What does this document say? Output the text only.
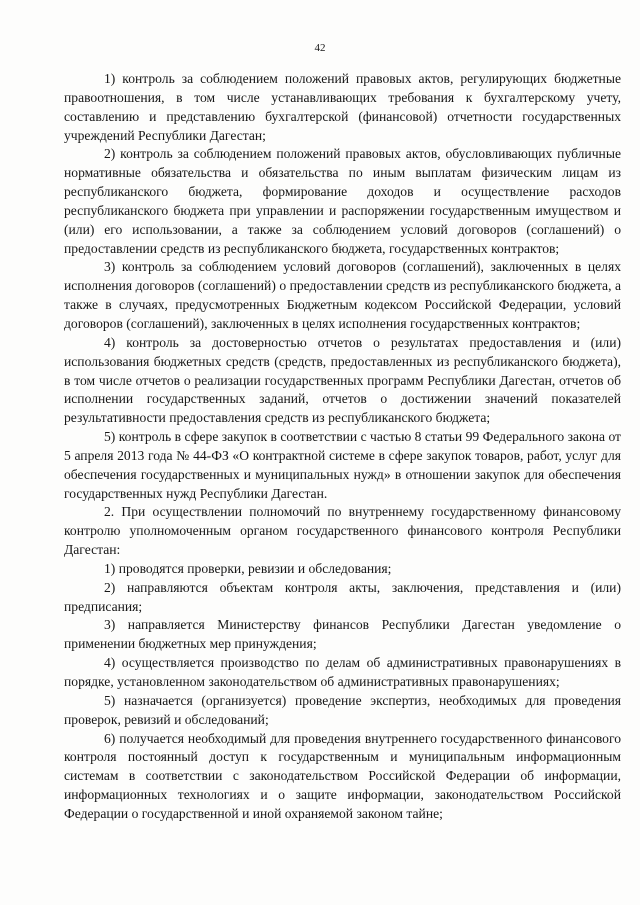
42

1) контроль за соблюдением положений правовых актов, регулирующих бюджетные правоотношения, в том числе устанавливающих требования к бухгалтерскому учету, составлению и представлению бухгалтерской (финансовой) отчетности государственных учреждений Республики Дагестан;

2) контроль за соблюдением положений правовых актов, обусловливающих публичные нормативные обязательства и обязательства по иным выплатам физическим лицам из республиканского бюджета, формирование доходов и осуществление расходов республиканского бюджета при управлении и распоряжении государственным имуществом и (или) его использовании, а также за соблюдением условий договоров (соглашений) о предоставлении средств из республиканского бюджета, государственных контрактов;

3) контроль за соблюдением условий договоров (соглашений), заключенных в целях исполнения договоров (соглашений) о предоставлении средств из республиканского бюджета, а также в случаях, предусмотренных Бюджетным кодексом Российской Федерации, условий договоров (соглашений), заключенных в целях исполнения государственных контрактов;

4) контроль за достоверностью отчетов о результатах предоставления и (или) использования бюджетных средств (средств, предоставленных из республиканского бюджета), в том числе отчетов о реализации государственных программ Республики Дагестан, отчетов об исполнении государственных заданий, отчетов о достижении значений показателей результативности предоставления средств из республиканского бюджета;

5) контроль в сфере закупок в соответствии с частью 8 статьи 99 Федерального закона от 5 апреля 2013 года № 44-ФЗ «О контрактной системе в сфере закупок товаров, работ, услуг для обеспечения государственных и муниципальных нужд» в отношении закупок для обеспечения государственных нужд Республики Дагестан.

2. При осуществлении полномочий по внутреннему государственному финансовому контролю уполномоченным органом государственного финансового контроля Республики Дагестан:

1) проводятся проверки, ревизии и обследования;

2) направляются объектам контроля акты, заключения, представления и (или) предписания;

3) направляется Министерству финансов Республики Дагестан уведомление о применении бюджетных мер принуждения;

4) осуществляется производство по делам об административных правонарушениях в порядке, установленном законодательством об административных правонарушениях;

5) назначается (организуется) проведение экспертиз, необходимых для проведения проверок, ревизий и обследований;

6) получается необходимый для проведения внутреннего государственного финансового контроля постоянный доступ к государственным и муниципальным информационным системам в соответствии с законодательством Российской Федерации об информации, информационных технологиях и о защите информации, законодательством Российской Федерации о государственной и иной охраняемой законом тайне;
